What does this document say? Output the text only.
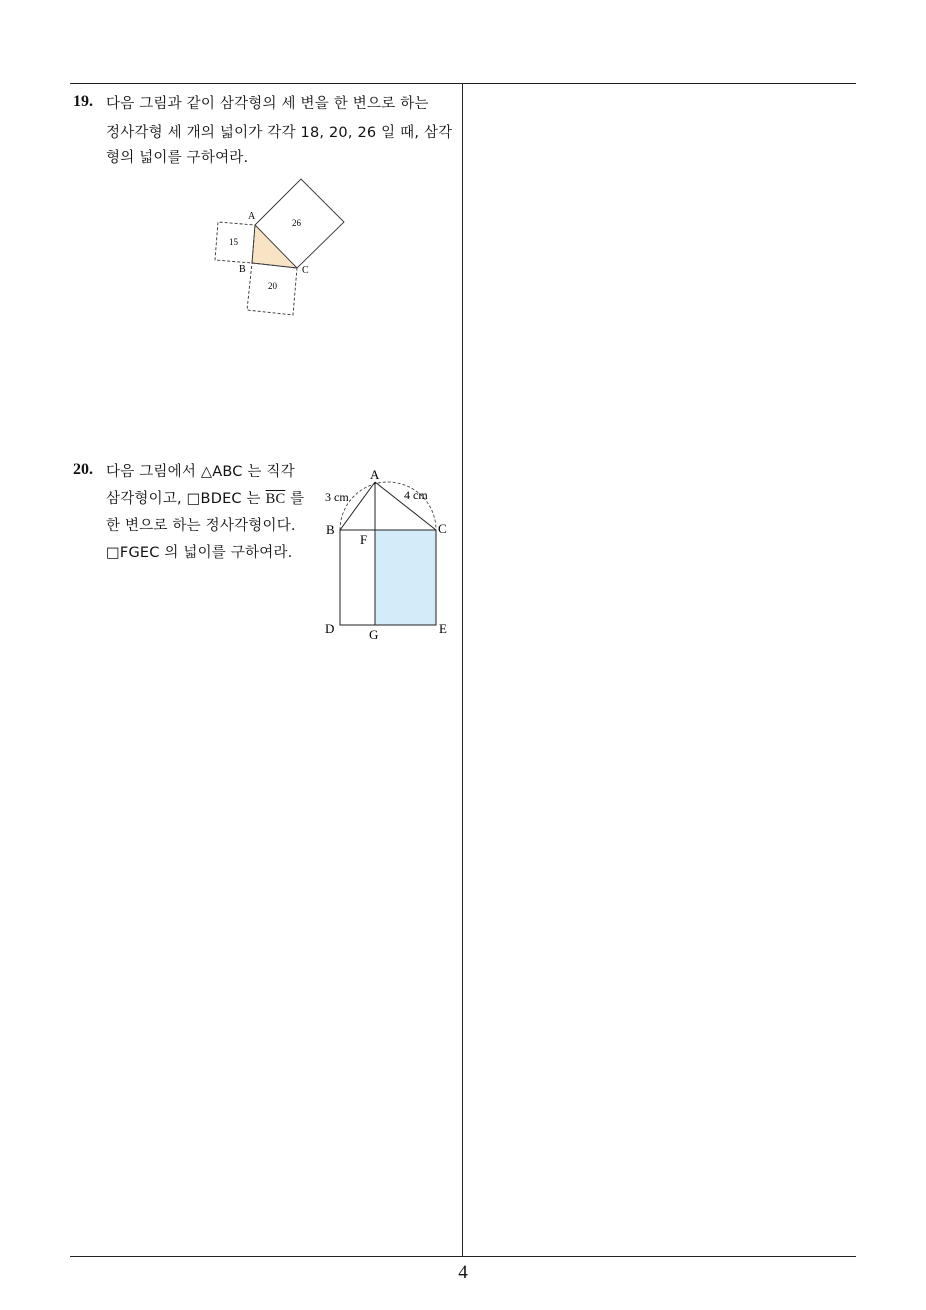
19. 다음 그림과 같이 삼각형의 세 변을 한 변으로 하는
정사각형 세 개의 넓이가 각각 18, 20, 26 일 때, 삼각
형의 넓이를 구하여라.
A
B	C
15
26
20
20. 다음 그림에서 △ABC 는 직각
삼각형이고, □BDEC 는 $\overline{BC}$ 를
한 변으로 하는 정사각형이다.
□FGEC 의 넓이를 구하여라.
A
B	C
D	E
F
G
3 cm	4 cm
4
